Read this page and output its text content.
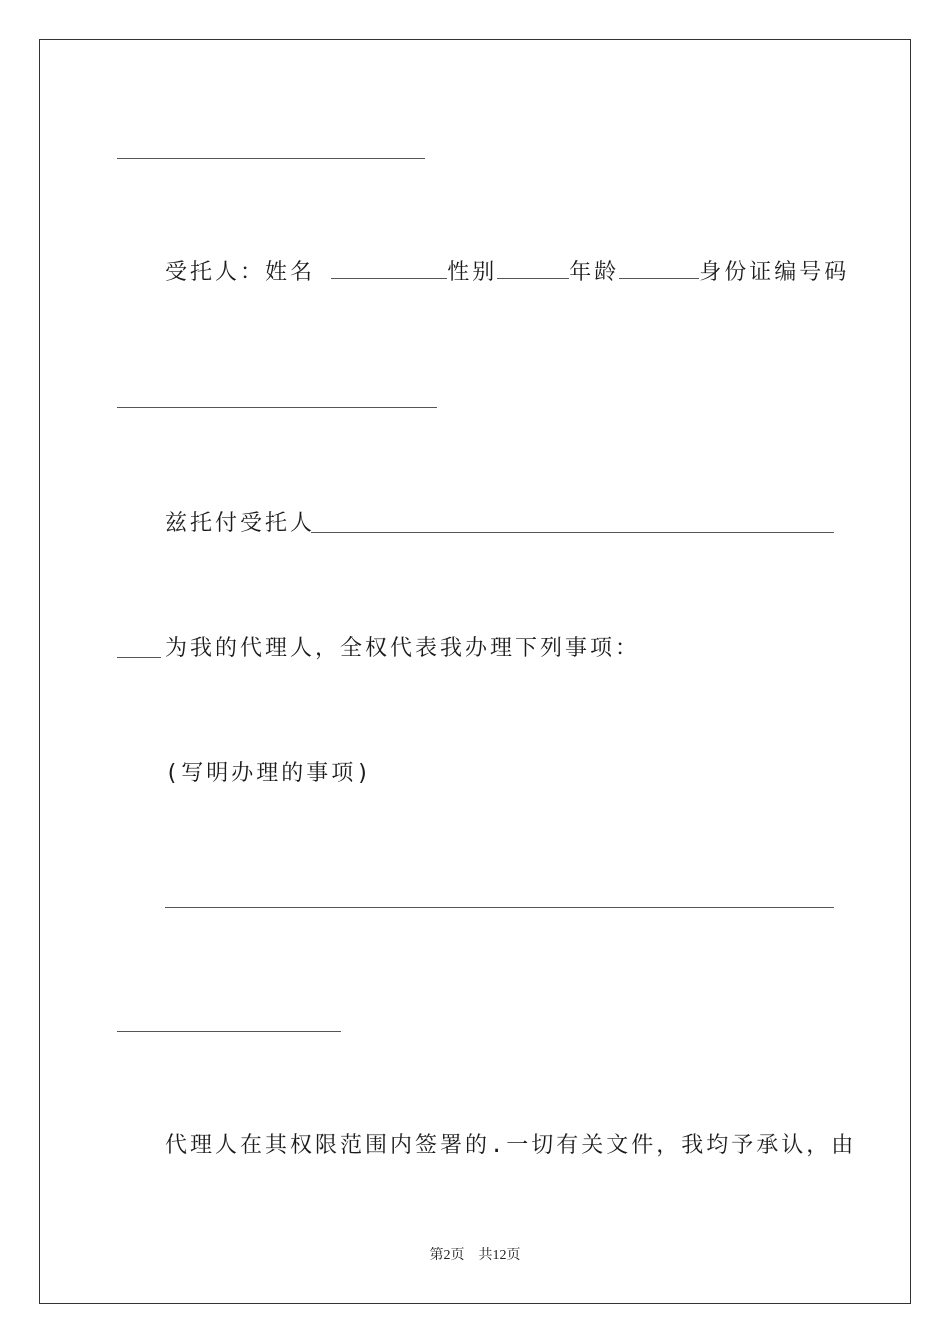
受托人：姓名	性别	年龄	身份证编号码
兹托付受托人
为我的代理人，全权代表我办理下列事项：
(写明办理的事项)
代理人在其权限范围内签署的.一切有关文件，我均予承认，由
第2页 共12页
